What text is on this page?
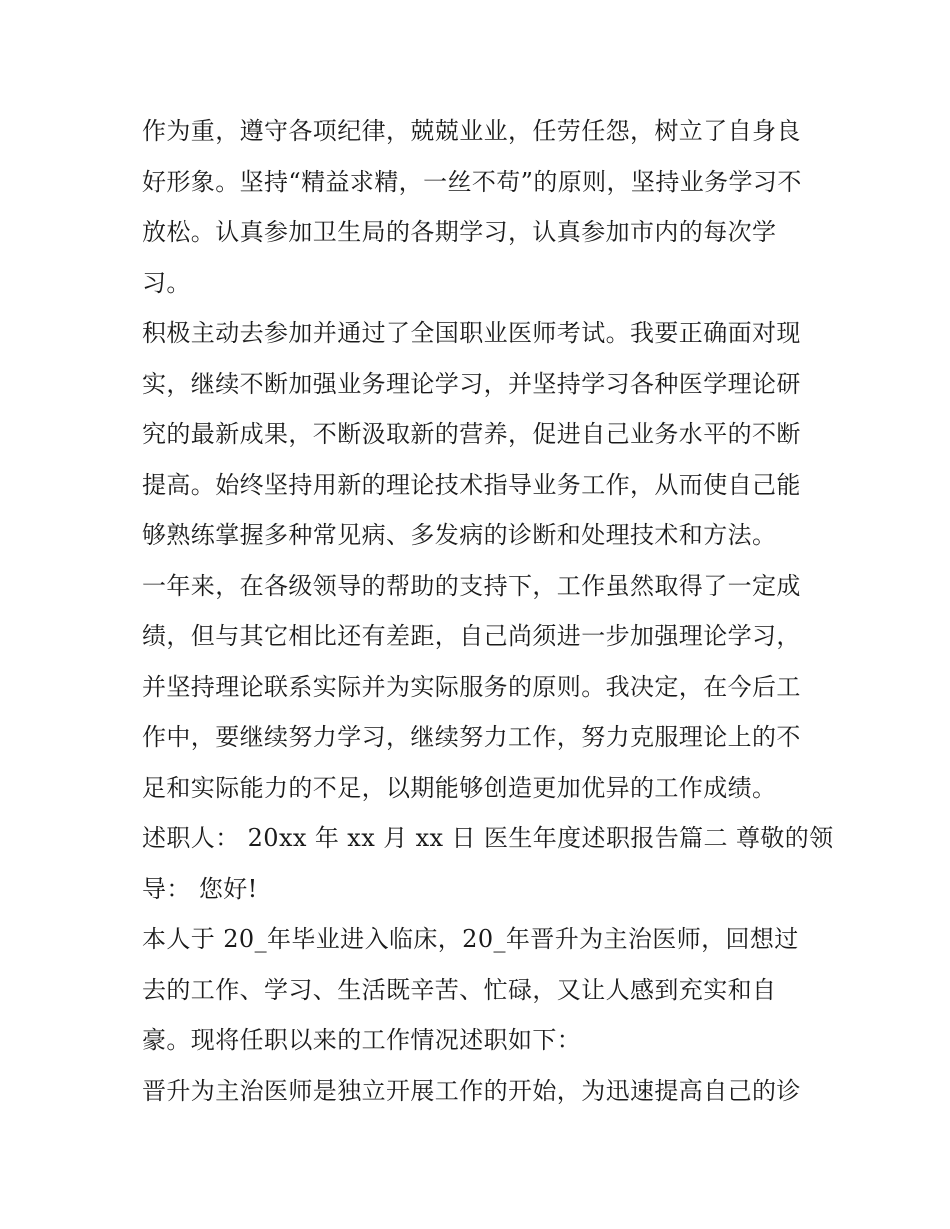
作为重，遵守各项纪律，兢兢业业，任劳任怨，树立了自身良
好形象。坚持“精益求精，一丝不苟”的原则，坚持业务学习不
放松。认真参加卫生局的各期学习，认真参加市内的每次学
习。
积极主动去参加并通过了全国职业医师考试。我要正确面对现
实，继续不断加强业务理论学习，并坚持学习各种医学理论研
究的最新成果，不断汲取新的营养，促进自己业务水平的不断
提高。始终坚持用新的理论技术指导业务工作，从而使自己能
够熟练掌握多种常见病、多发病的诊断和处理技术和方法。
一年来，在各级领导的帮助的支持下，工作虽然取得了一定成
绩，但与其它相比还有差距，自己尚须进一步加强理论学习，
并坚持理论联系实际并为实际服务的原则。我决定，在今后工
作中，要继续努力学习，继续努力工作，努力克服理论上的不
足和实际能力的不足，以期能够创造更加优异的工作成绩。
述职人： 20xx 年 xx 月 xx 日 医生年度述职报告篇二 尊敬的领
导： 您好!
本人于 20_年毕业进入临床，20_年晋升为主治医师，回想过
去的工作、学习、生活既辛苦、忙碌，又让人感到充实和自
豪。现将任职以来的工作情况述职如下：
晋升为主治医师是独立开展工作的开始，为迅速提高自己的诊
